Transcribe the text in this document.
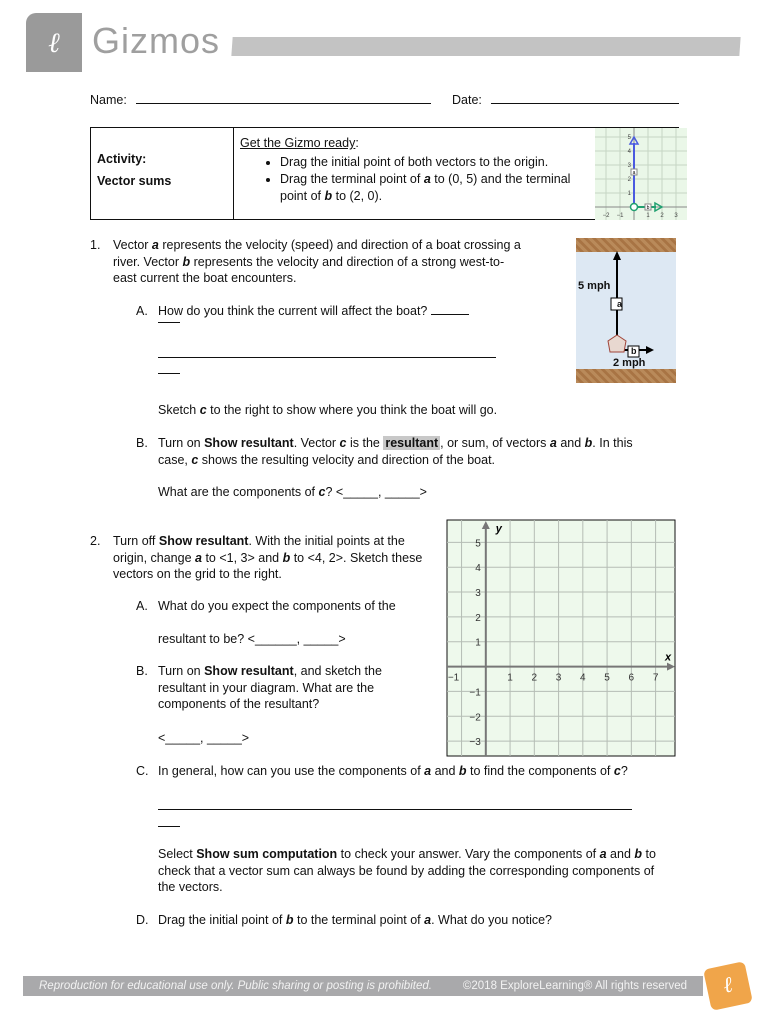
ℓ Gizmos
Name:	Date:
Activity:
Vector sums
	Get the Gizmo ready:
• Drag the initial point of both vectors to the origin.
• Drag the terminal point of a to (0, 5) and the terminal point of b to (2, 0).
−2 −1	1 2 3
1
2
3
4
5
a
b
1. Vector a represents the velocity (speed) and direction of a boat crossing a river. Vector b represents the velocity and direction of a strong west-to-east current the boat encounters.
a
b
5 mph
2 mph
A. How do you think the current will affect the boat?
Sketch c to the right to show where you think the boat will go.
B. Turn on Show resultant. Vector c is the resultant , or sum, of vectors a and b. In this case, c shows the resulting velocity and direction of the boat.
What are the components of c? <_____, _____>
2. Turn off Show resultant. With the initial points at the origin, change a to <1, 3> and b to <4, 2>. Sketch these vectors on the grid to the right.
A. What do you expect the components of the
resultant to be? <______, _____>
B. Turn on Show resultant, and sketch the resultant in your diagram. What are the components of the resultant?
<_____, _____>
−1	1 2 3 4 5 6 7
5
4
3
2
1
−1
−2
−3
x
y
C. In general, how can you use the components of a and b to find the components of c?
Select Show sum computation to check your answer. Vary the components of a and b to check that a vector sum can always be found by adding the corresponding components of the vectors.
D. Drag the initial point of b to the terminal point of a. What do you notice?
Reproduction for educational use only. Public sharing or posting is prohibited.	©2018 ExploreLearning® All rights reserved	ℓ
